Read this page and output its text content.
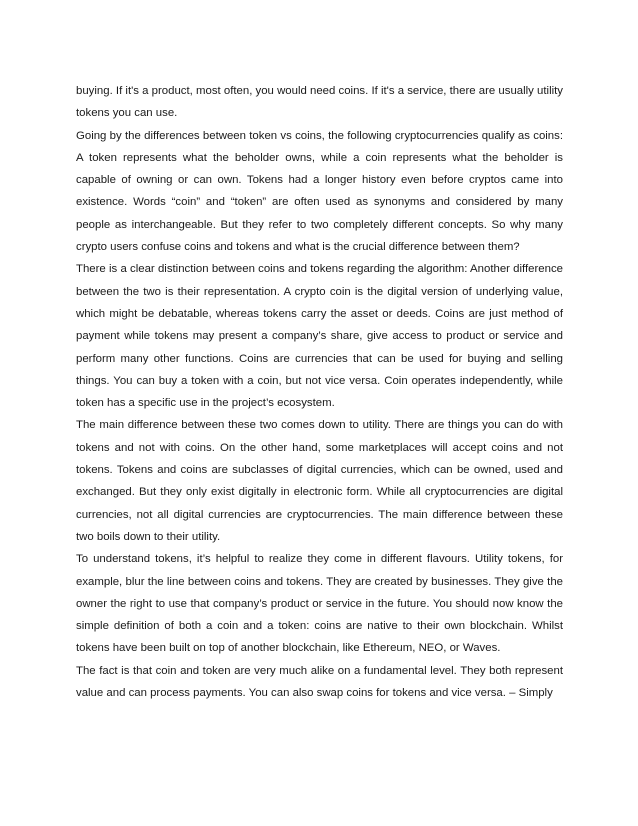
buying. If it's a product, most often, you would need coins. If it's a service, there are usually utility tokens you can use.

Going by the differences between token vs coins, the following cryptocurrencies qualify as coins: A token represents what the beholder owns, while a coin represents what the beholder is capable of owning or can own. Tokens had a longer history even before cryptos came into existence. Words “coin” and “token” are often used as synonyms and considered by many people as interchangeable. But they refer to two completely different concepts. So why many crypto users confuse coins and tokens and what is the crucial difference between them?

There is a clear distinction between coins and tokens regarding the algorithm: Another difference between the two is their representation. A crypto coin is the digital version of underlying value, which might be debatable, whereas tokens carry the asset or deeds. Coins are just method of payment while tokens may present a company’s share, give access to product or service and perform many other functions. Coins are currencies that can be used for buying and selling things. You can buy a token with a coin, but not vice versa. Coin operates independently, while token has a specific use in the project’s ecosystem.

The main difference between these two comes down to utility. There are things you can do with tokens and not with coins. On the other hand, some marketplaces will accept coins and not tokens. Tokens and coins are subclasses of digital currencies, which can be owned, used and exchanged. But they only exist digitally in electronic form. While all cryptocurrencies are digital currencies, not all digital currencies are cryptocurrencies. The main difference between these two boils down to their utility.

To understand tokens, it’s helpful to realize they come in different flavours. Utility tokens, for example, blur the line between coins and tokens. They are created by businesses. They give the owner the right to use that company’s product or service in the future. You should now know the simple definition of both a coin and a token: coins are native to their own blockchain. Whilst tokens have been built on top of another blockchain, like Ethereum, NEO, or Waves.

The fact is that coin and token are very much alike on a fundamental level. They both represent value and can process payments. You can also swap coins for tokens and vice versa. – Simply
